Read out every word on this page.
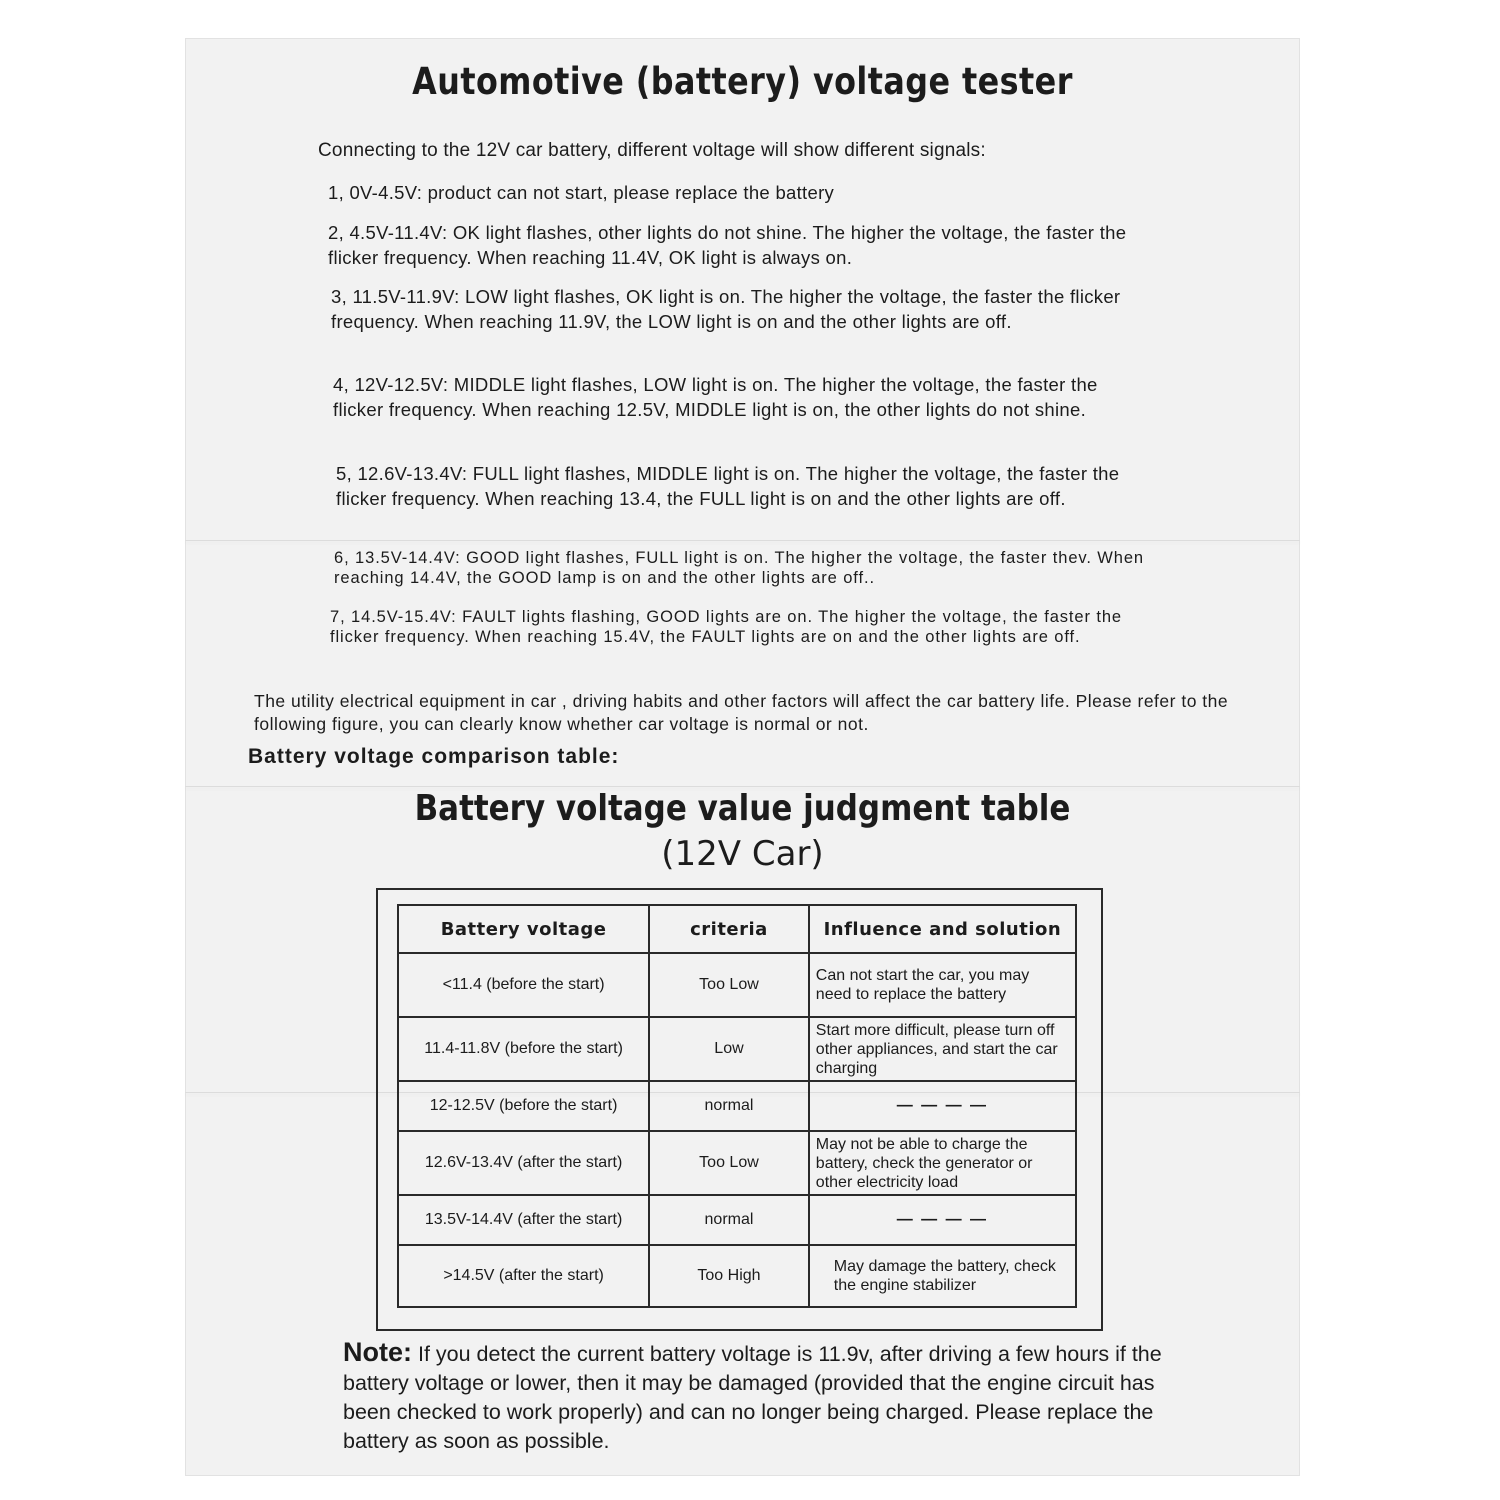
Automotive (battery) voltage tester
Connecting to the 12V car battery, different voltage will show different signals:
1, 0V-4.5V: product can not start, please replace the battery
2, 4.5V-11.4V: OK light flashes, other lights do not shine. The higher the voltage, the faster the flicker frequency. When reaching 11.4V, OK light is always on.
3, 11.5V-11.9V: LOW light flashes, OK light is on. The higher the voltage, the faster the flicker frequency. When reaching 11.9V, the LOW light is on and the other lights are off.
4, 12V-12.5V: MIDDLE light flashes, LOW light is on. The higher the voltage, the faster the flicker frequency. When reaching 12.5V, MIDDLE light is on, the other lights do not shine.
5, 12.6V-13.4V: FULL light flashes, MIDDLE light is on. The higher the voltage, the faster the flicker frequency. When reaching 13.4, the FULL light is on and the other lights are off.
6, 13.5V-14.4V: GOOD light flashes, FULL light is on. The higher the voltage, the faster thev. When reaching 14.4V, the GOOD lamp is on and the other lights are off..
7, 14.5V-15.4V: FAULT lights flashing, GOOD lights are on. The higher the voltage, the faster the flicker frequency. When reaching 15.4V, the FAULT lights are on and the other lights are off.
The utility electrical equipment in car , driving habits and other factors will affect the car battery life. Please refer to the following figure, you can clearly know whether car voltage is normal or not.
Battery voltage comparison table:
Battery voltage value judgment table
(12V Car)
Battery voltage	criteria	Influence and solution
<11.4 (before the start)	Too Low	Can not start the car, you may need to replace the battery
11.4-11.8V (before the start)	Low	Start more difficult, please turn off other appliances, and start the car charging
12-12.5V (before the start)	normal	— — — —
12.6V-13.4V (after the start)	Too Low	May not be able to charge the battery, check the generator or other electricity load
13.5V-14.4V (after the start)	normal	— — — —
>14.5V (after the start)	Too High	May damage the battery, check the engine stabilizer
Note: If you detect the current battery voltage is 11.9v, after driving a few hours if the battery voltage or lower, then it may be damaged (provided that the engine circuit has been checked to work properly) and can no longer being charged. Please replace the battery as soon as possible.
